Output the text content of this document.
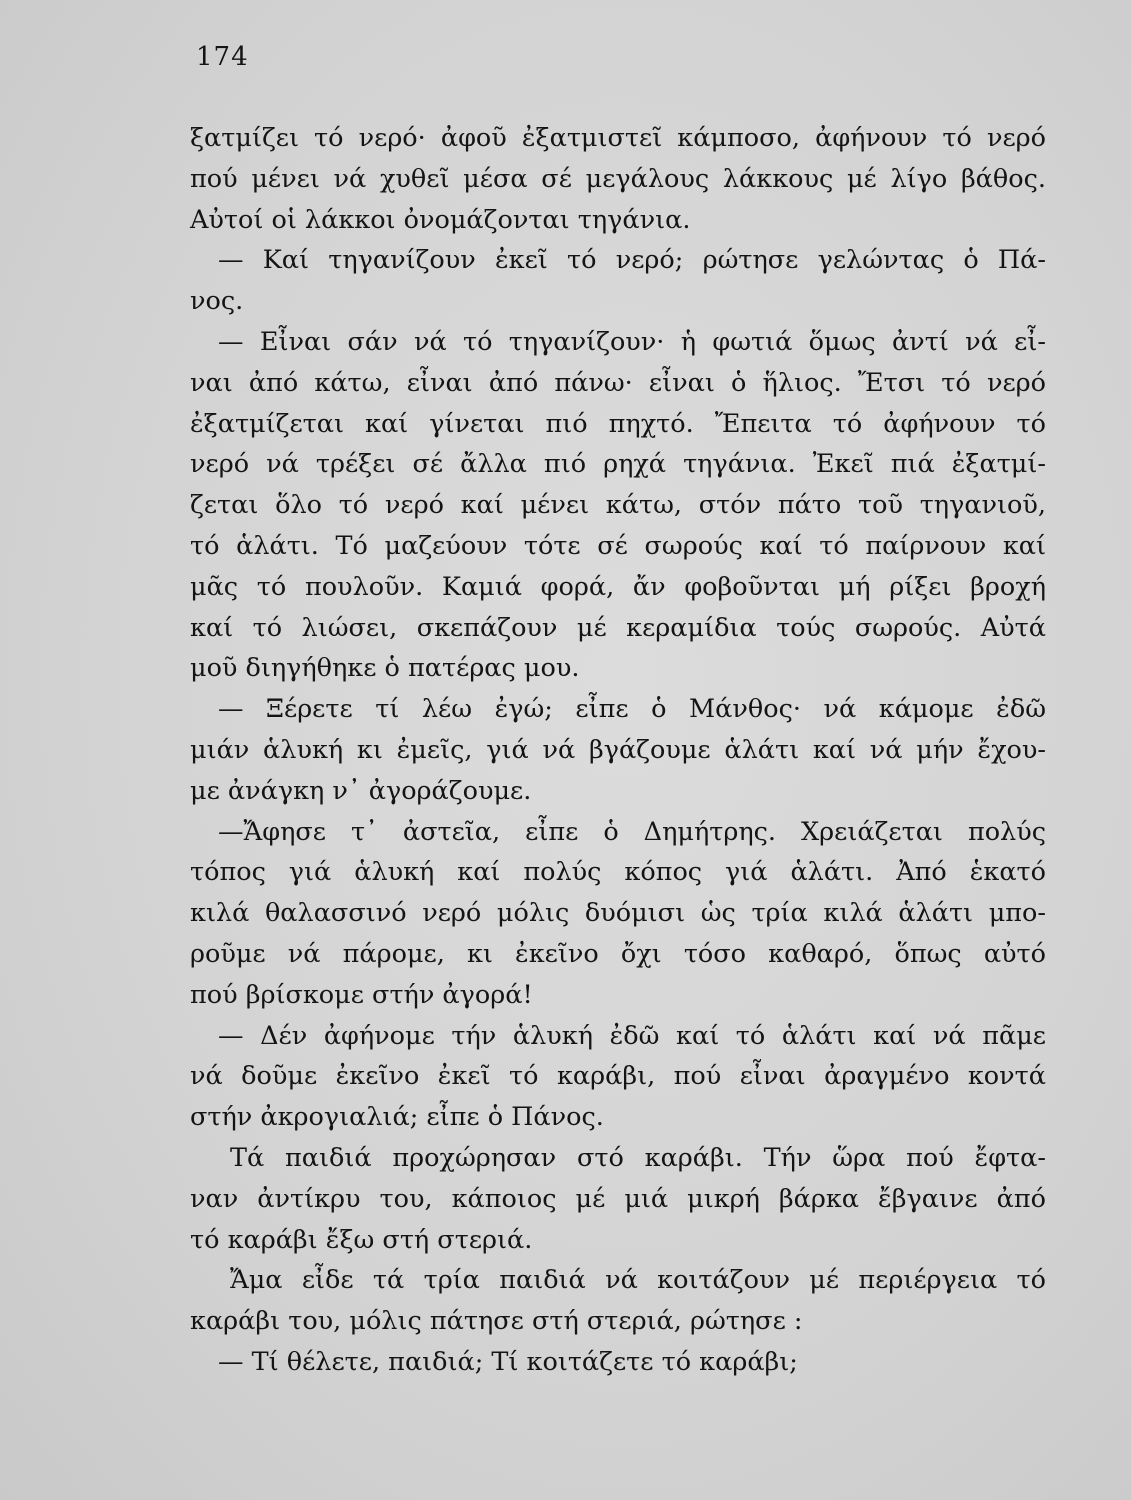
174
ξατμίζει τό νερό· ἀφοῦ ἐξατμιστεῖ κάμποσο, ἀφήνουν τό νερό
πού μένει νά χυθεῖ μέσα σέ μεγάλους λάκκους μέ λίγο βάθος.
Αὐτοί οἱ λάκκοι ὀνομάζονται τηγάνια.
— Καί τηγανίζουν ἐκεῖ τό νερό; ρώτησε γελώντας ὁ Πά-
νος.
— Εἶναι σάν νά τό τηγανίζουν· ἡ φωτιά ὅμως ἀντί νά εἶ-
ναι ἀπό κάτω, εἶναι ἀπό πάνω· εἶναι ὁ ἥλιος. Ἔτσι τό νερό
ἐξατμίζεται καί γίνεται πιό πηχτό. Ἔπειτα τό ἀφήνουν τό
νερό νά τρέξει σέ ἄλλα πιό ρηχά τηγάνια. Ἐκεῖ πιά ἐξατμί-
ζεται ὅλο τό νερό καί μένει κάτω, στόν πάτο τοῦ τηγανιοῦ,
τό ἁλάτι. Τό μαζεύουν τότε σέ σωρούς καί τό παίρνουν καί
μᾶς τό πουλοῦν. Καμιά φορά, ἄν φοβοῦνται μή ρίξει βροχή
καί τό λιώσει, σκεπάζουν μέ κεραμίδια τούς σωρούς. Αὐτά
μοῦ διηγήθηκε ὁ πατέρας μου.
— Ξέρετε τί λέω ἐγώ; εἶπε ὁ Μάνθος· νά κάμομε ἐδῶ
μιάν ἁλυκή κι ἐμεῖς, γιά νά βγάζουμε ἁλάτι καί νά μήν ἔχου-
με ἀνάγκη ν᾽ ἀγοράζουμε.
—Ἄφησε τ᾽ ἀστεῖα, εἶπε ὁ Δημήτρης. Χρειάζεται πολύς
τόπος γιά ἁλυκή καί πολύς κόπος γιά ἁλάτι. Ἀπό ἑκατό
κιλά θαλασσινό νερό μόλις δυόμισι ὡς τρία κιλά ἁλάτι μπο-
ροῦμε νά πάρομε, κι ἐκεῖνο ὄχι τόσο καθαρό, ὅπως αὐτό
πού βρίσκομε στήν ἀγορά!
— Δέν ἀφήνομε τήν ἁλυκή ἐδῶ καί τό ἁλάτι καί νά πᾶμε
νά δοῦμε ἐκεῖνο ἐκεῖ τό καράβι, πού εἶναι ἀραγμένο κοντά
στήν ἀκρογιαλιά; εἶπε ὁ Πάνος.
Τά παιδιά προχώρησαν στό καράβι. Τήν ὥρα πού ἔφτα-
ναν ἀντίκρυ του, κάποιος μέ μιά μικρή βάρκα ἔβγαινε ἀπό
τό καράβι ἔξω στή στεριά.
Ἄμα εἶδε τά τρία παιδιά νά κοιτάζουν μέ περιέργεια τό
καράβι του, μόλις πάτησε στή στεριά, ρώτησε :
— Τί θέλετε, παιδιά; Τί κοιτάζετε τό καράβι;
